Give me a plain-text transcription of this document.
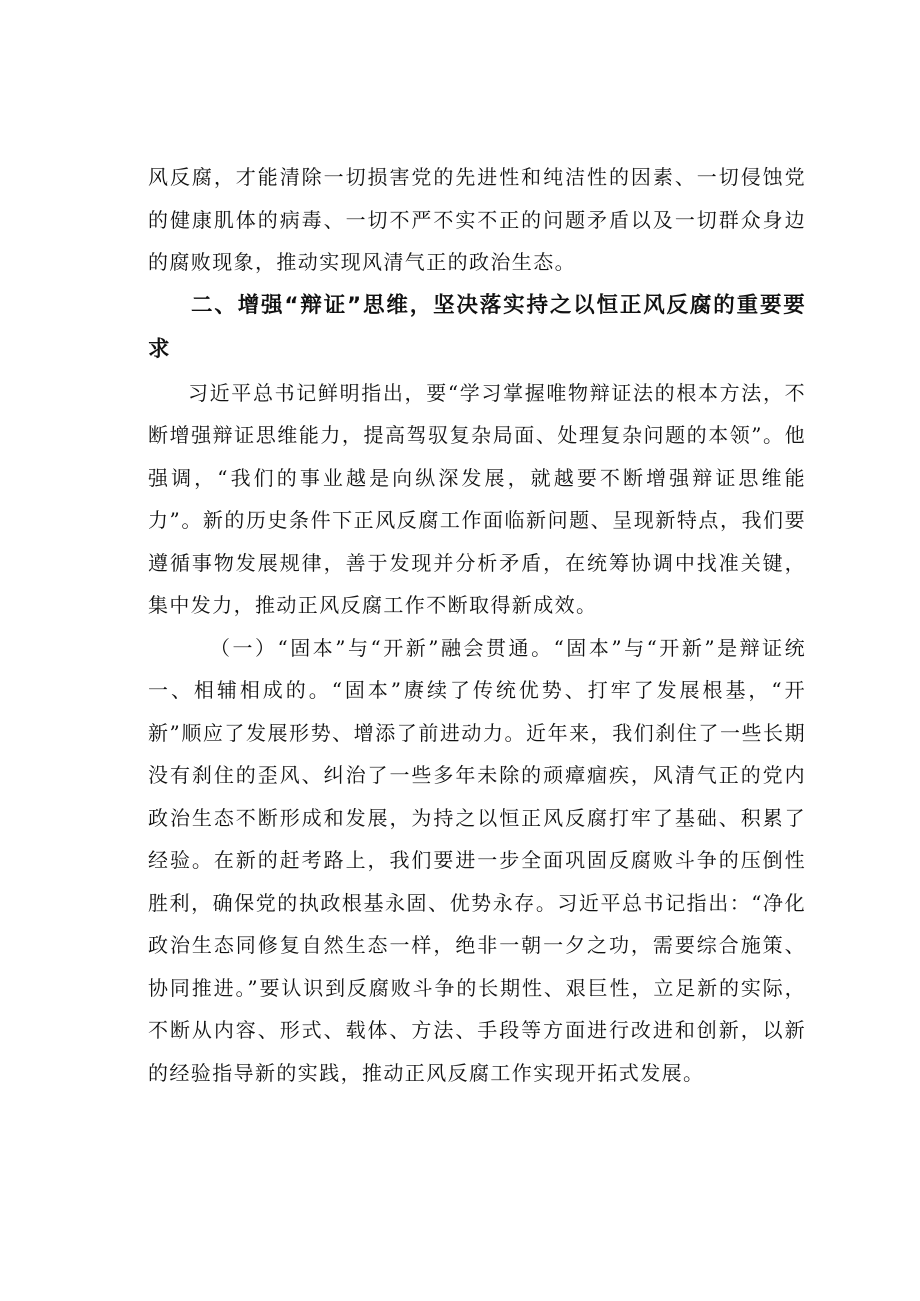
风反腐，才能清除一切损害党的先进性和纯洁性的因素、一切侵蚀党的健康肌体的病毒、一切不严不实不正的问题矛盾以及一切群众身边的腐败现象，推动实现风清气正的政治生态。

二、增强“辩证”思维，坚决落实持之以恒正风反腐的重要要求

习近平总书记鲜明指出，要“学习掌握唯物辩证法的根本方法，不断增强辩证思维能力，提高驾驭复杂局面、处理复杂问题的本领”。他强调，“我们的事业越是向纵深发展，就越要不断增强辩证思维能力”。新的历史条件下正风反腐工作面临新问题、呈现新特点，我们要遵循事物发展规律，善于发现并分析矛盾，在统筹协调中找准关键，集中发力，推动正风反腐工作不断取得新成效。

（一）“固本”与“开新”融会贯通。“固本”与“开新”是辩证统一、相辅相成的。“固本”赓续了传统优势、打牢了发展根基，“开新”顺应了发展形势、增添了前进动力。近年来，我们刹住了一些长期没有刹住的歪风、纠治了一些多年未除的顽瘴痼疾，风清气正的党内政治生态不断形成和发展，为持之以恒正风反腐打牢了基础、积累了经验。在新的赶考路上，我们要进一步全面巩固反腐败斗争的压倒性胜利，确保党的执政根基永固、优势永存。习近平总书记指出：“净化政治生态同修复自然生态一样，绝非一朝一夕之功，需要综合施策、协同推进。”要认识到反腐败斗争的长期性、艰巨性，立足新的实际，不断从内容、形式、载体、方法、手段等方面进行改进和创新，以新的经验指导新的实践，推动正风反腐工作实现开拓式发展。
